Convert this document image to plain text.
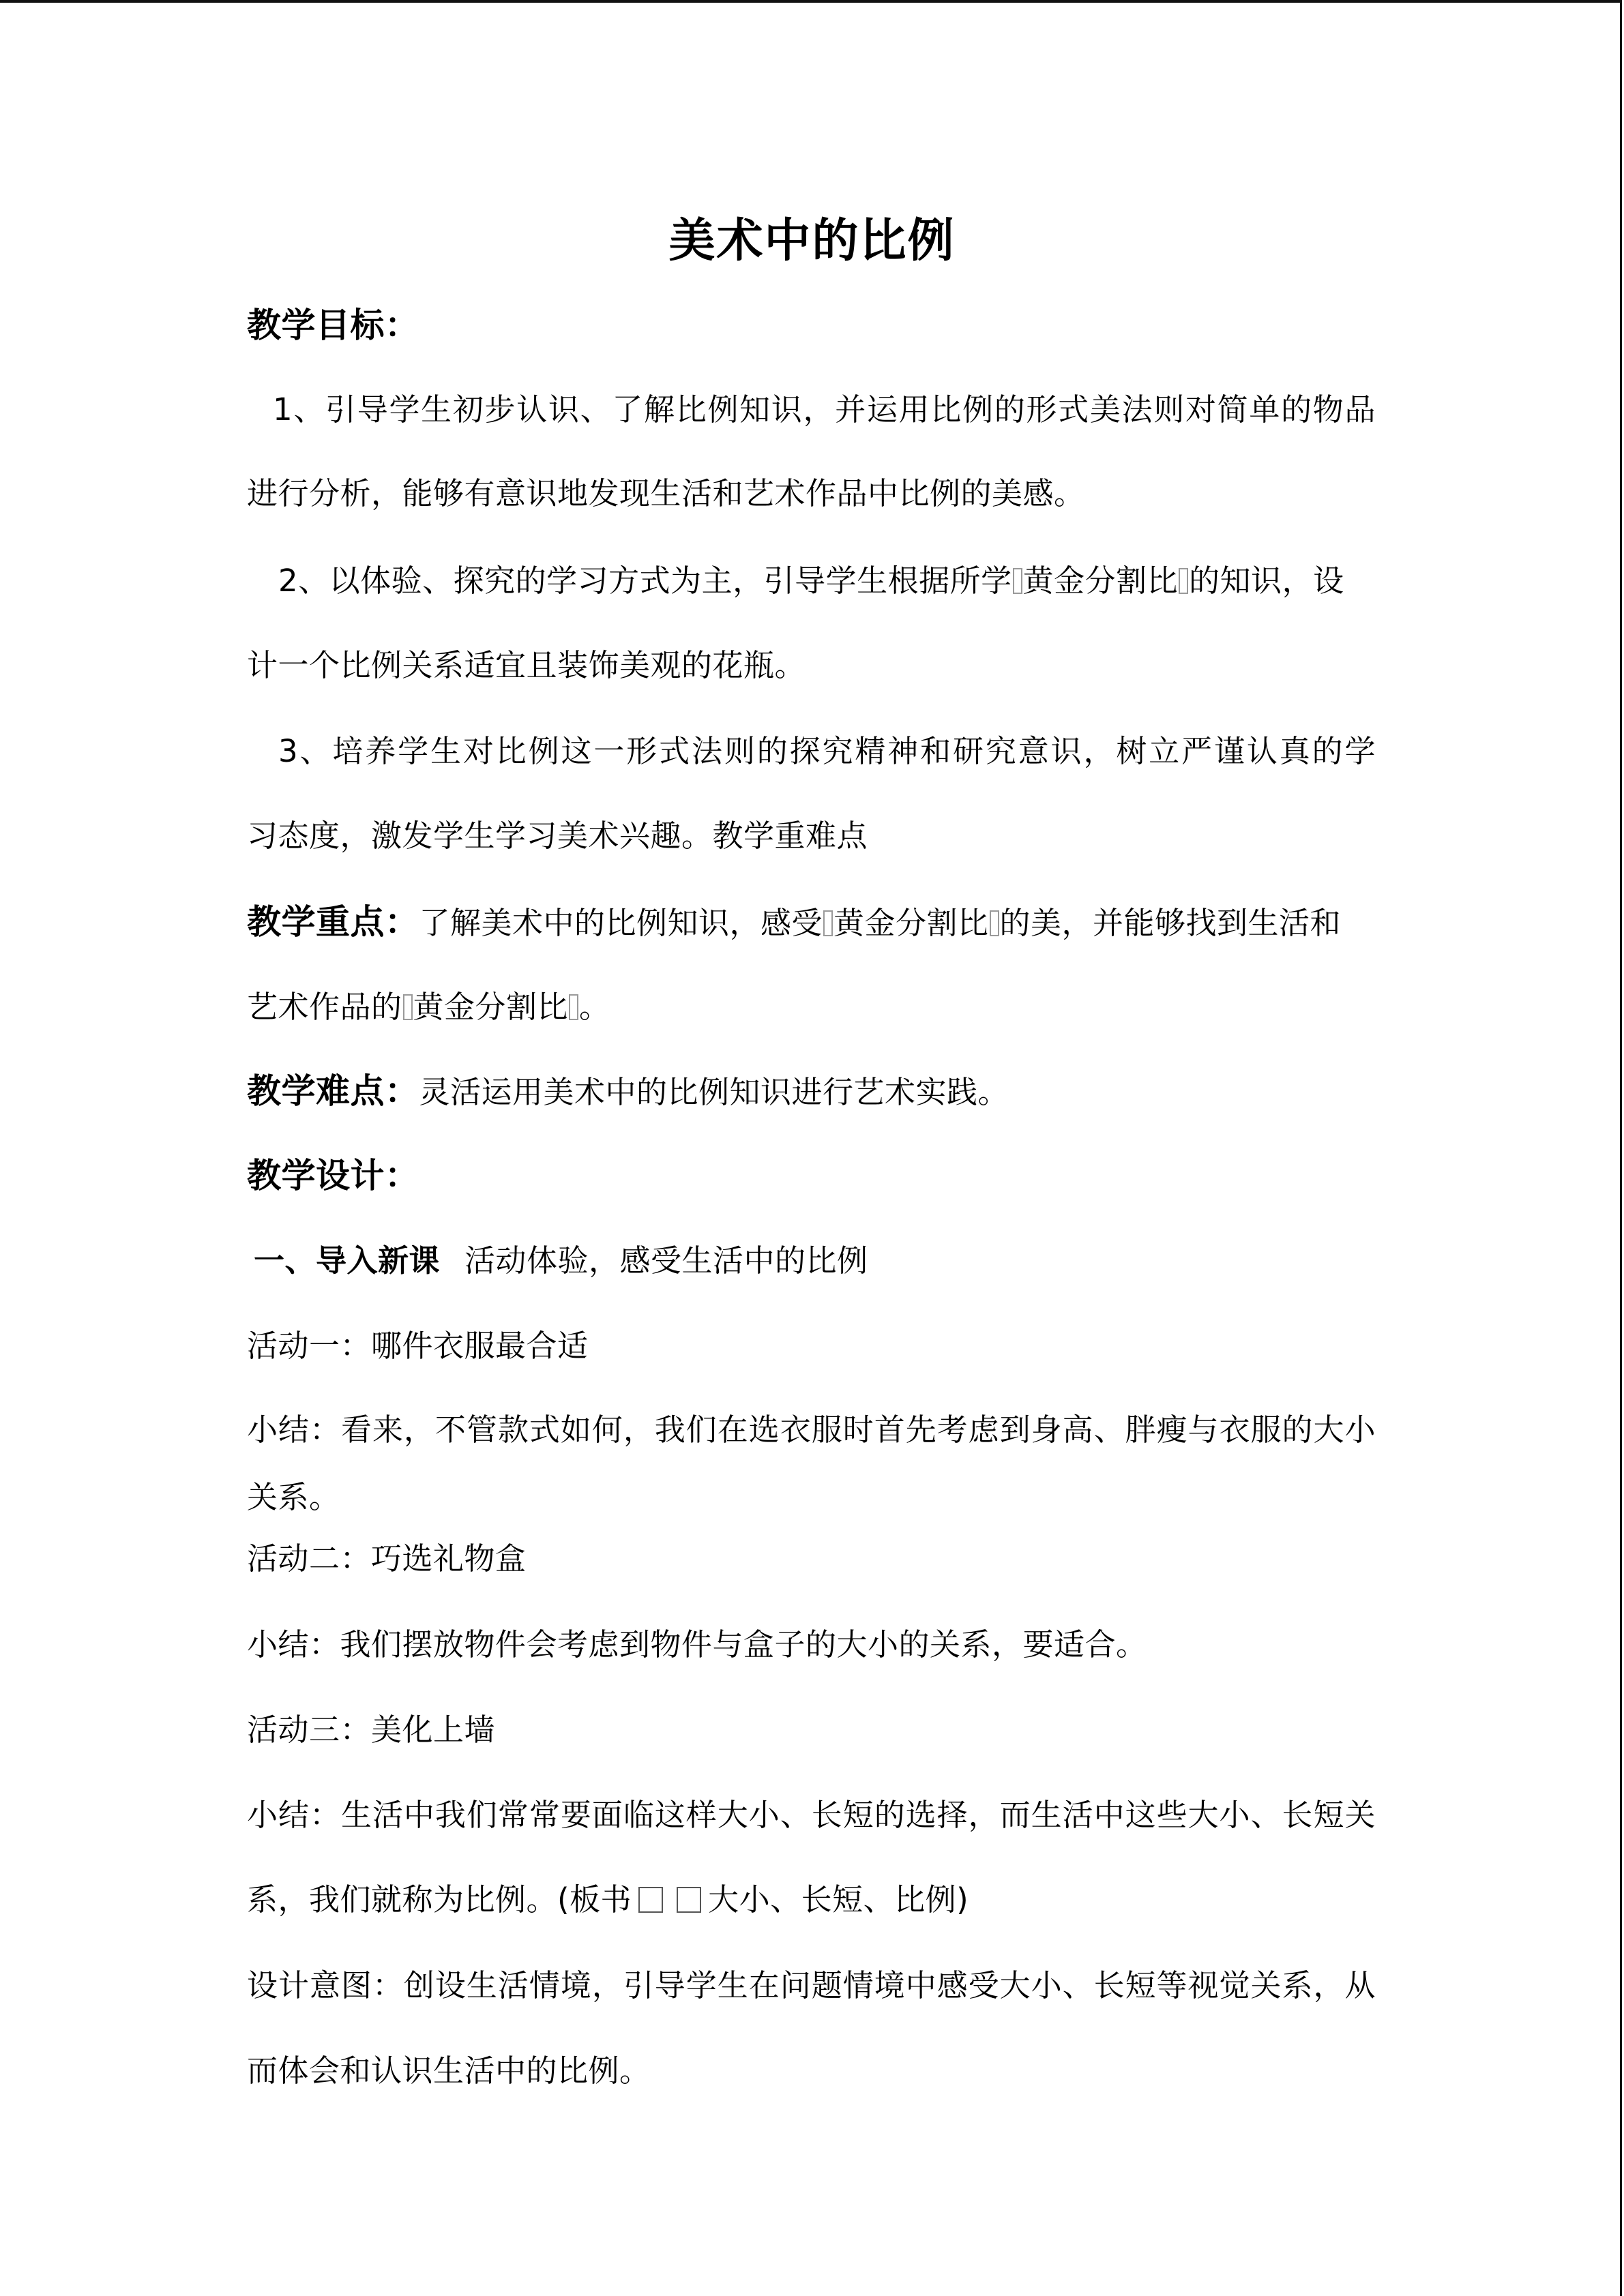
美术中的比例
教学目标：
1、引导学生初步认识、了解比例知识，并运用比例的形式美法则对简单的物品
进行分析，能够有意识地发现生活和艺术作品中比例的美感。
2、以体验、探究的学习方式为主，引导学生根据所学 黄金分割比 的知识，设
计一个比例关系适宜且装饰美观的花瓶。
3、培养学生对比例这一形式法则的探究精神和研究意识，树立严谨认真的学
习态度，激发学生学习美术兴趣。教学重难点
教学重点：了解美术中的比例知识，感受 黄金分割比 的美，并能够找到生活和
艺术作品的 黄金分割比 。
教学难点：灵活运用美术中的比例知识进行艺术实践。
教学设计：
一、导入新课 活动体验，感受生活中的比例
活动一：哪件衣服最合适
小结：看来，不管款式如何，我们在选衣服时首先考虑到身高、胖瘦与衣服的大小
关系。
活动二：巧选礼物盒
小结：我们摆放物件会考虑到物件与盒子的大小的关系，要适合。
活动三：美化上墙
小结：生活中我们常常要面临这样大小、长短的选择，而生活中这些大小、长短关
系，我们就称为比例。(板书 大小、长短、比例)
设计意图：创设生活情境，引导学生在问题情境中感受大小、长短等视觉关系，从
而体会和认识生活中的比例。
